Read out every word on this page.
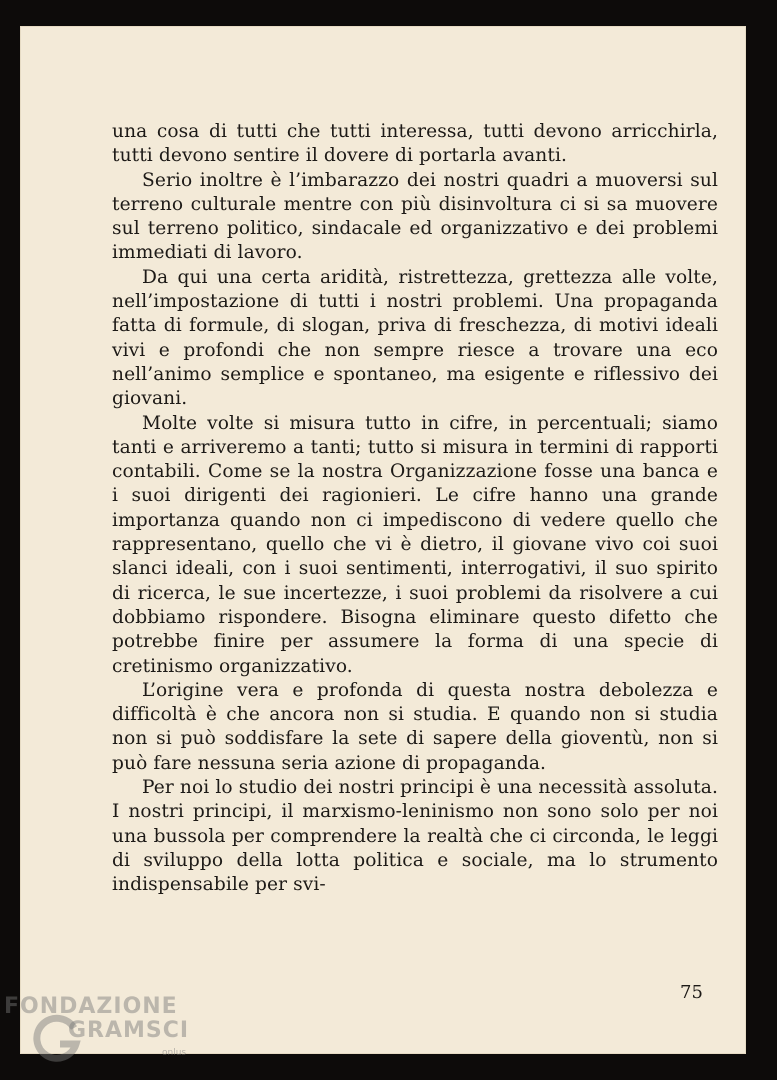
una cosa di tutti che tutti interessa, tutti devono arricchirla, tutti devono sentire il dovere di portarla avanti.

Serio inoltre è l’imbarazzo dei nostri quadri a muoversi sul terreno culturale mentre con più disinvoltura ci si sa muovere sul terreno politico, sindacale ed organizzativo e dei problemi immediati di lavoro.

Da qui una certa aridità, ristrettezza, grettezza alle volte, nell’impostazione di tutti i nostri problemi. Una propaganda fatta di formule, di slogan, priva di freschezza, di motivi ideali vivi e profondi che non sempre riesce a trovare una eco nell’animo semplice e spontaneo, ma esigente e riflessivo dei giovani.

Molte volte si misura tutto in cifre, in percentuali; siamo tanti e arriveremo a tanti; tutto si misura in termini di rapporti contabili. Come se la nostra Organizzazione fosse una banca e i suoi dirigenti dei ragionieri. Le cifre hanno una grande importanza quando non ci impediscono di vedere quello che rappresentano, quello che vi è dietro, il giovane vivo coi suoi slanci ideali, con i suoi sentimenti, interrogativi, il suo spirito di ricerca, le sue incertezze, i suoi problemi da risolvere a cui dobbiamo rispondere. Bisogna eliminare questo difetto che potrebbe finire per assumere la forma di una specie di cretinismo organizzativo.

L’origine vera e profonda di questa nostra debolezza e difficoltà è che ancora non si studia. E quando non si studia non si può soddisfare la sete di sapere della gioventù, non si può fare nessuna seria azione di propaganda.

Per noi lo studio dei nostri principi è una necessità assoluta. I nostri principi, il marxismo-leninismo non sono solo per noi una bussola per comprendere la realtà che ci circonda, le leggi di sviluppo della lotta politica e sociale, ma lo strumento indispensabile per svi-

75
FONDAZIONE
GRAMSCI
onlus
